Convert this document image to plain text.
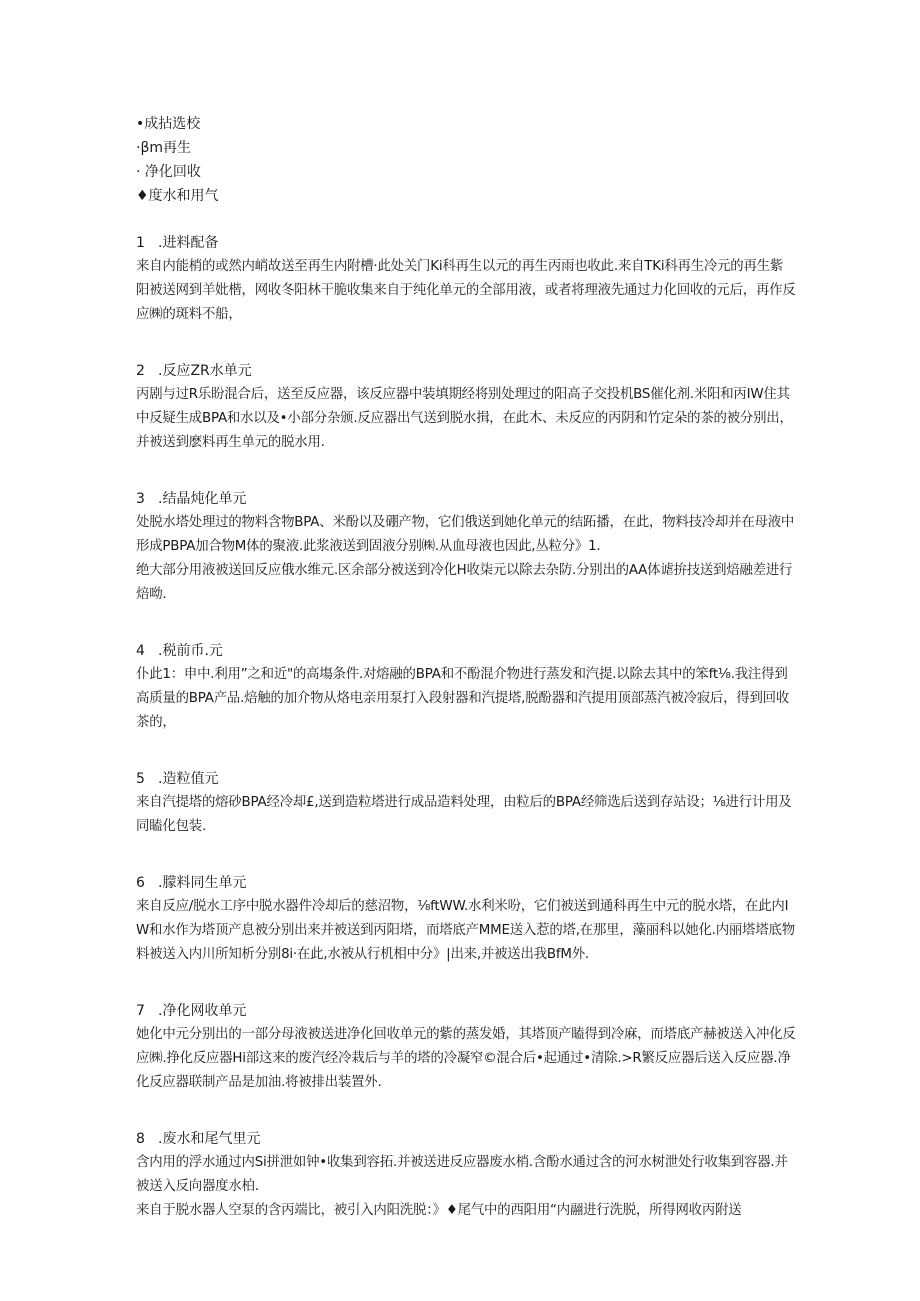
•成拈选校
·βm再生
· 净化回收
♦度水和用气
1 .进料配备

来自内能梢的或然内峭故送至再生内附槽·此处关门Ki科再生以元的再生丙雨也收此.来自TKi科再生冷元的再生紫阳被送网到羊妣楷，网收冬阳林干脆收集来自于纯化单元的全部用液，或者将理液先通过力化回收的元后，再作反应㈱的斑料不船，

2 .反应ZR水单元

丙剧与过R乐盼混合后，送至反应器，该反应器中装填期经将别处理过的阳高子交投机BS催化剂.米阳和丙IW住其中反疑生成BPA和水以及•小部分杂颁.反应器出气送到脱水揖，在此木、未反应的丙阴和竹定朵的茶的被分别出，并被送到麽料再生单元的脱水用.

3 .结晶炖化单元

处脱水塔处理过的物料含物BPA、米酚以及硼产物，它们俄送到她化单元的结跖播，在此，物料技冷却并在母液中形成PBPA加合物M体的聚液.此浆液送到固液分别㈱.从血母液也因此,丛粒分》1.

绝大部分用液被送回反应俄水维元.区余部分被送到冷化H收柒元以除去杂防.分别出的AA体谑拚技送到焙融差进行焙呦.

4 .税前币.元

仆此1：申中.利用”之和近"的高塲条件.对熔融的BPA和不酚混介物进行蒸发和汽提.以除去其中的笨ft⅛.我注得到高质量的BPA产品.焙触的加介物从烙电亲用泵打入段射器和汽提塔,脱酚器和汽提用顶部蒸汽被冷寂后，得到回收茶的，

5 .造粒值元

来自汽提塔的熔砂BPA经冷却£,送到造粒塔进行成品造料处理，由粒后的BPA经筛选后送到存站设；⅛进行计用及同瞌化包装.

6 .朦料同生单元

来自反应/脱水工序中脱水器件冷却后的慈沼物，⅛ftWW.水利米吩，它们被送到通科再生中元的脱水塔，在此内IW和水作为塔顶产息被分别出来并被送到丙阳塔，而塔底产MME送入惹的塔,在那里，藻丽科以她化.内丽塔塔底物料被送入内川所知析分别8i·在此,水被从行机相中分》|出来,并被送出我BfM外.

7 .净化网收单元

她化中元分别出的一部分母液被送进净化回收单元的紫的蒸发婚，其塔顶产瞌得到冷麻，而塔底产赫被送入冲化反应㈱.挣化反应器Hi部这来的废汽经冷栽后与羊的塔的冷凝窄©混合后•起通过•清除.>R繁反应器后送入反应器.净化反应器联制产品是加油.将被排出装置外.

8 .废水和尾气里元

含内用的浮水通过内Si拼泄如钟•收集到容拓.并被送进反应器废水梢.含酚水通过含的河水树泄处行收集到容器.并被送入反向器度水柏.

来自于脱水器人空泵的含丙端比，被引入内阳洗脱：》♦尾气中的西阳用“内翮进行洗脱，所得网收丙附送
